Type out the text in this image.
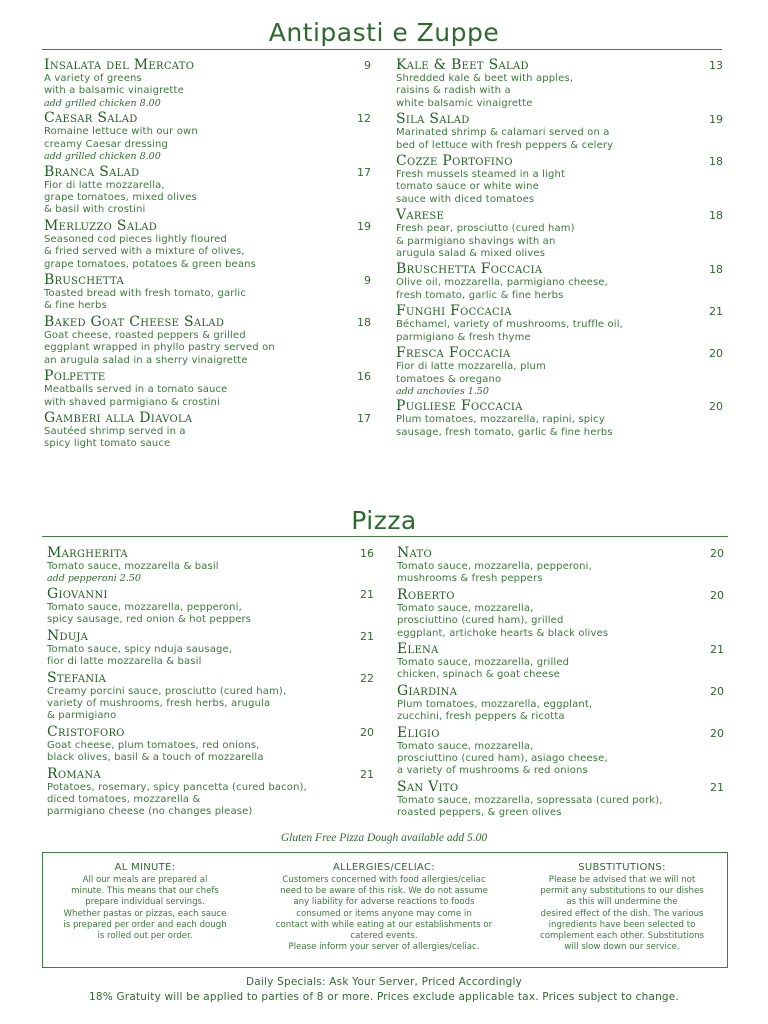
Antipasti e Zuppe
Insalata del Mercato	9
A variety of greens
with a balsamic vinaigrette
add grilled chicken 8.00
Caesar Salad	12
Romaine lettuce with our own
creamy Caesar dressing
add grilled chicken 8.00
Branca Salad	17
Fior di latte mozzarella,
grape tomatoes, mixed olives
& basil with crostini
Merluzzo Salad	19
Seasoned cod pieces lightly floured
& fried served with a mixture of olives,
grape tomatoes, potatoes & green beans
Bruschetta	9
Toasted bread with fresh tomato, garlic
& fine herbs
Baked Goat Cheese Salad	18
Goat cheese, roasted peppers & grilled
eggplant wrapped in phyllo pastry served on
an arugula salad in a sherry vinaigrette
Polpette	16
Meatballs served in a tomato sauce
with shaved parmigiano & crostini
Gamberi alla Diavola	17
Sautéed shrimp served in a
spicy light tomato sauce
Kale & Beet Salad	13
Shredded kale & beet with apples,
raisins & radish with a
white balsamic vinaigrette
Sila Salad	19
Marinated shrimp & calamari served on a
bed of lettuce with fresh peppers & celery
Cozze Portofino	18
Fresh mussels steamed in a light
tomato sauce or white wine
sauce with diced tomatoes
Varese	18
Fresh pear, prosciutto (cured ham)
& parmigiano shavings with an
arugula salad & mixed olives
Bruschetta Foccacia	18
Olive oil, mozzarella, parmigiano cheese,
fresh tomato, garlic & fine herbs
Funghi Foccacia	21
Béchamel, variety of mushrooms, truffle oil,
parmigiano & fresh thyme
Fresca Foccacia	20
Fior di latte mozzarella, plum
tomatoes & oregano
add anchovies 1.50
Pugliese Foccacia	20
Plum tomatoes, mozzarella, rapini, spicy
sausage, fresh tomato, garlic & fine herbs
Pizza
Margherita	16
Tomato sauce, mozzarella & basil
add pepperoni 2.50
Giovanni	21
Tomato sauce, mozzarella, pepperoni,
spicy sausage, red onion & hot peppers
Nduja	21
Tomato sauce, spicy nduja sausage,
fior di latte mozzarella & basil
Stefania	22
Creamy porcini sauce, prosciutto (cured ham),
variety of mushrooms, fresh herbs, arugula
& parmigiano
Cristoforo	20
Goat cheese, plum tomatoes, red onions,
black olives, basil & a touch of mozzarella
Romana	21
Potatoes, rosemary, spicy pancetta (cured bacon),
diced tomatoes, mozzarella &
parmigiano cheese (no changes please)
Nato	20
Tomato sauce, mozzarella, pepperoni,
mushrooms & fresh peppers
Roberto	20
Tomato sauce, mozzarella,
prosciuttino (cured ham), grilled
eggplant, artichoke hearts & black olives
Elena	21
Tomato sauce, mozzarella, grilled
chicken, spinach & goat cheese
Giardina	20
Plum tomatoes, mozzarella, eggplant,
zucchini, fresh peppers & ricotta
Eligio	20
Tomato sauce, mozzarella,
prosciuttino (cured ham), asiago cheese,
a variety of mushrooms & red onions
San Vito	21
Tomato sauce, mozzarella, sopressata (cured pork),
roasted peppers, & green olives
Gluten Free Pizza Dough available add 5.00
AL MINUTE:
All our meals are prepared al
minute. This means that our chefs
prepare individual servings.
Whether pastas or pizzas, each sauce
is prepared per order and each dough
is rolled out per order.
ALLERGIES/CELIAC:
Customers concerned with food allergies/celiac
need to be aware of this risk. We do not assume
any liability for adverse reactions to foods
consumed or items anyone may come in
contact with while eating at our establishments or
catered events.
Please inform your server of allergies/celiac.
SUBSTITUTIONS:
Please be advised that we will not
permit any substitutions to our dishes
as this will undermine the
desired effect of the dish. The various
ingredients have been selected to
complement each other. Substitutions
will slow down our service.
Daily Specials: Ask Your Server, Priced Accordingly
18% Gratuity will be applied to parties of 8 or more. Prices exclude applicable tax. Prices subject to change.
